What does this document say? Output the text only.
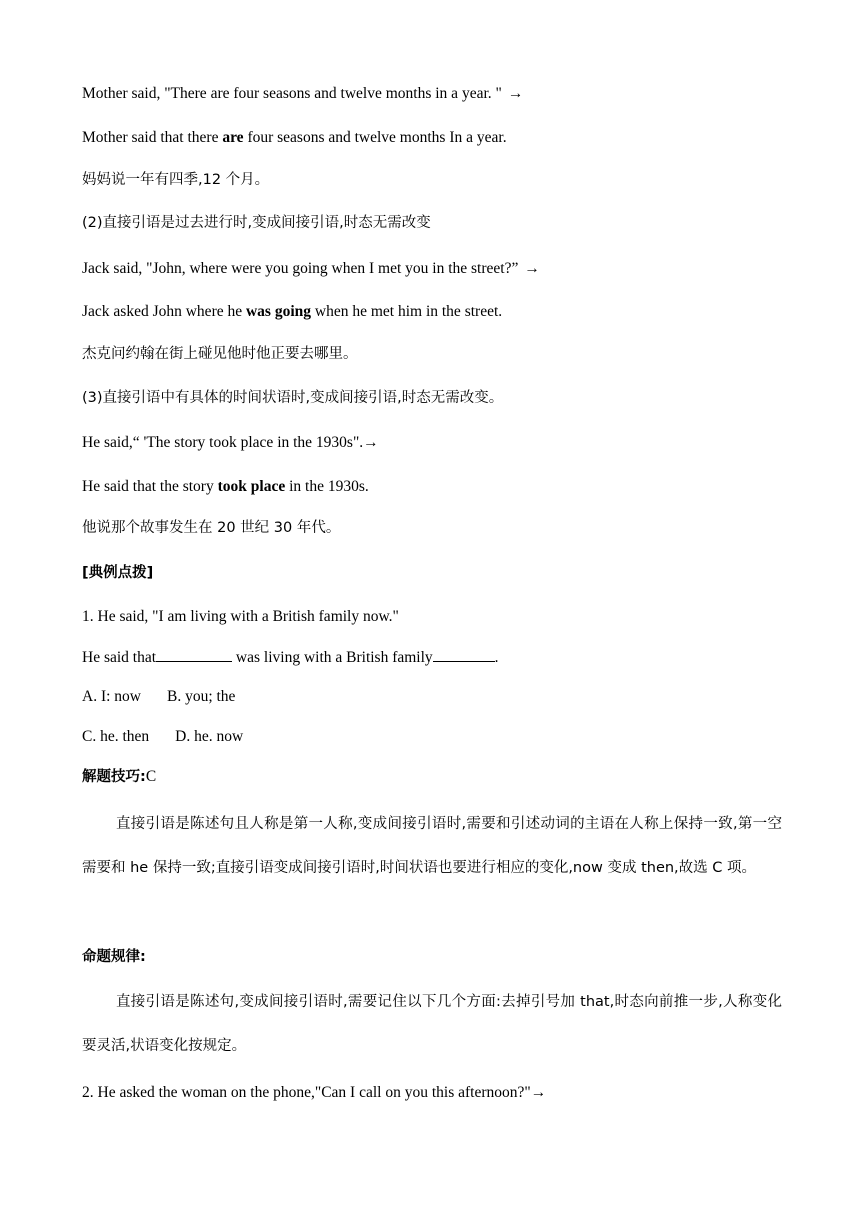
Mother said, "There are four seasons and twelve months in a year. " →
Mother said that there are four seasons and twelve months In a year.
妈妈说一年有四季,12 个月。
(2)直接引语是过去进行时,变成间接引语,时态无需改变
Jack said, "John, where were you going when I met you in the street?” →
Jack asked John where he was going when he met him in the street.
杰克问约翰在街上碰见他时他正要去哪里。
(3)直接引语中有具体的时间状语时,变成间接引语,时态无需改变。
He said,“ 'The story took place in the 1930s".→
He said that the story took place in the 1930s.
他说那个故事发生在 20 世纪 30 年代。
[典例点拨]
1. He said, "I am living with a British family now."
He said that	was living with a British family	.
A. I: now B. you; the
C. he. then D. he. now
解题技巧:C
直接引语是陈述句且人称是第一人称,变成间接引语时,需要和引述动词的主语在人称上保持一致,第一空需要和 he 保持一致;直接引语变成间接引语时,时间状语也要进行相应的变化,now 变成 then,故选 C 项。
命题规律:
直接引语是陈述句,变成间接引语时,需要记住以下几个方面:去掉引号加 that,时态向前推一步,人称变化要灵活,状语变化按规定。
2. He asked the woman on the phone,"Can I call on you this afternoon?"→
